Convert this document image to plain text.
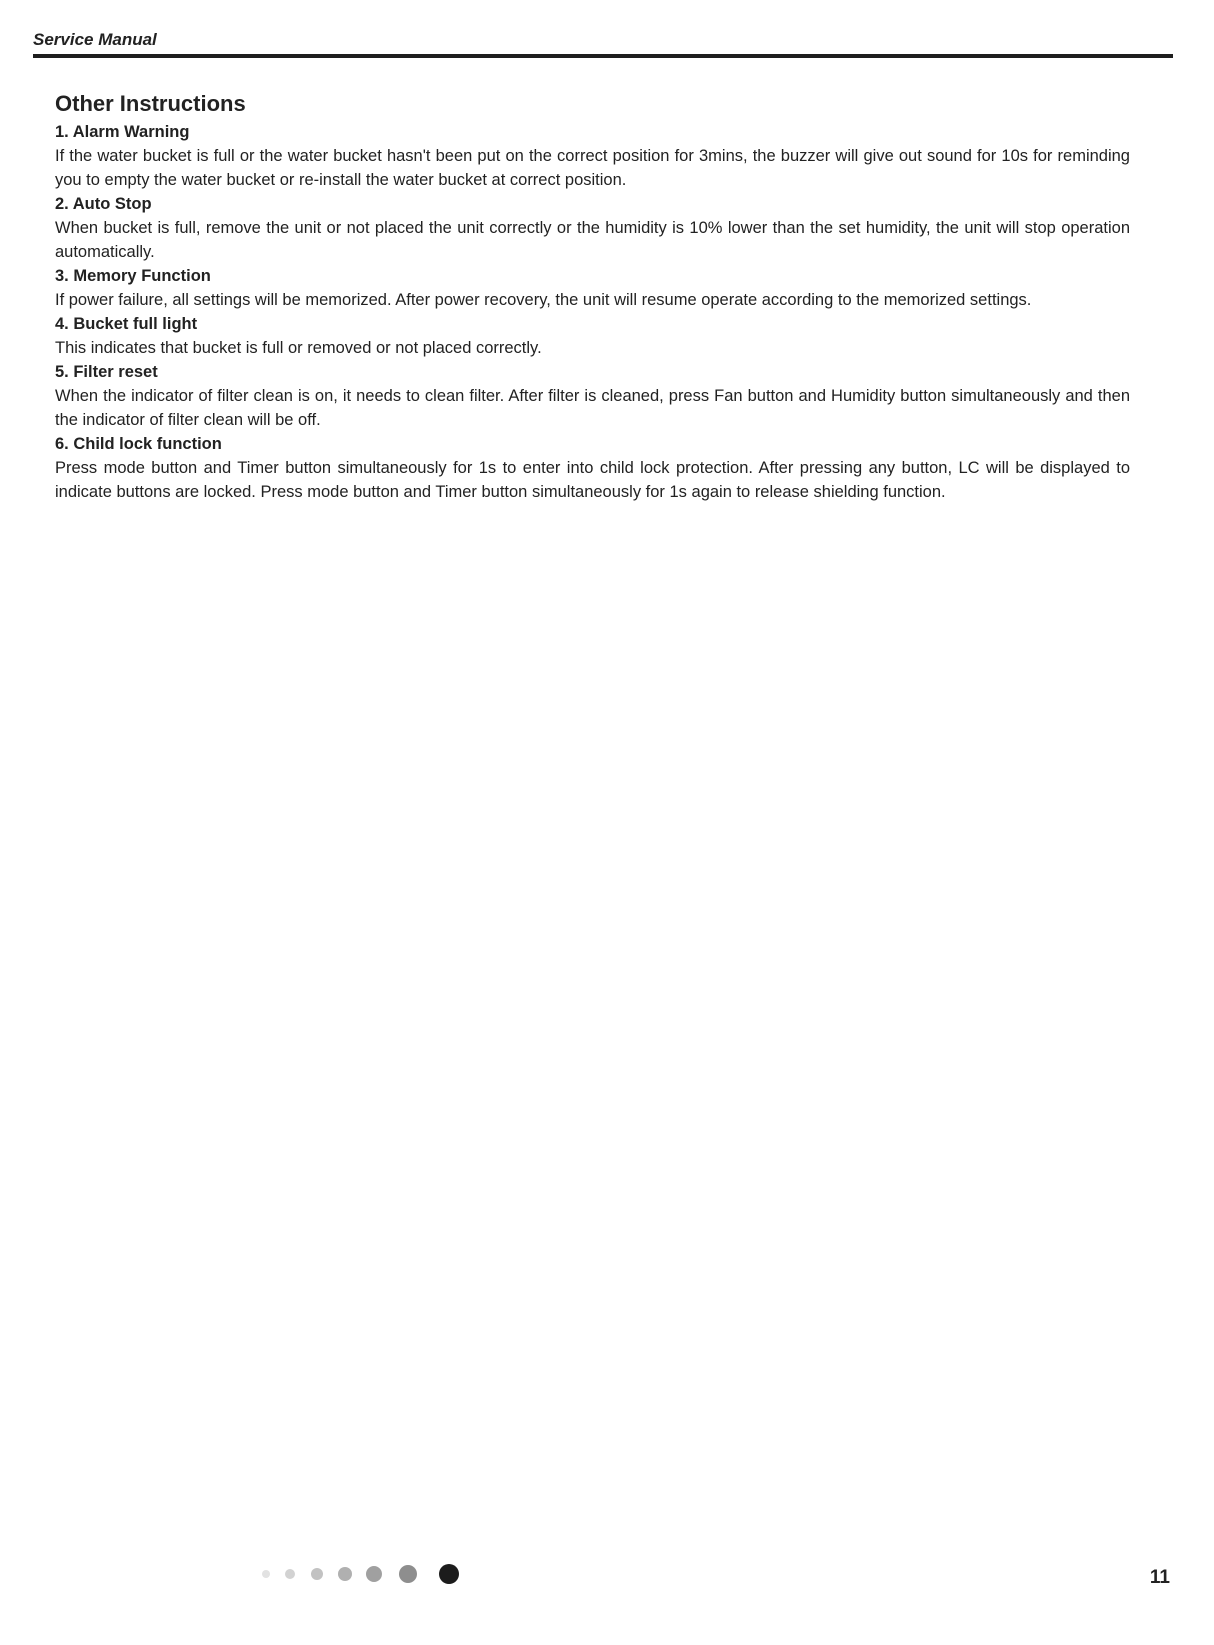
Service Manual
Other Instructions

1. Alarm Warning

If the water bucket is full or the water bucket hasn't been put on the correct position for 3mins, the buzzer will give out sound for 10s for reminding you to empty the water bucket or re-install the water bucket at correct position.

2. Auto Stop

When bucket is full, remove the unit or not placed the unit correctly or the humidity is 10% lower than the set humidity, the unit will stop operation automatically.

3. Memory Function

If power failure, all settings will be memorized. After power recovery, the unit will resume operate according to the memorized settings.

4. Bucket full light

This indicates that bucket is full or removed or not placed correctly.

5. Filter reset

When the indicator of filter clean is on, it needs to clean filter. After filter is cleaned, press Fan button and Humidity button simultaneously and then the indicator of filter clean will be off.

6. Child lock function

Press mode button and Timer button simultaneously for 1s to enter into child lock protection. After pressing any button, LC will be displayed to indicate buttons are locked. Press mode button and Timer button simultaneously for 1s again to release shielding function.

11
